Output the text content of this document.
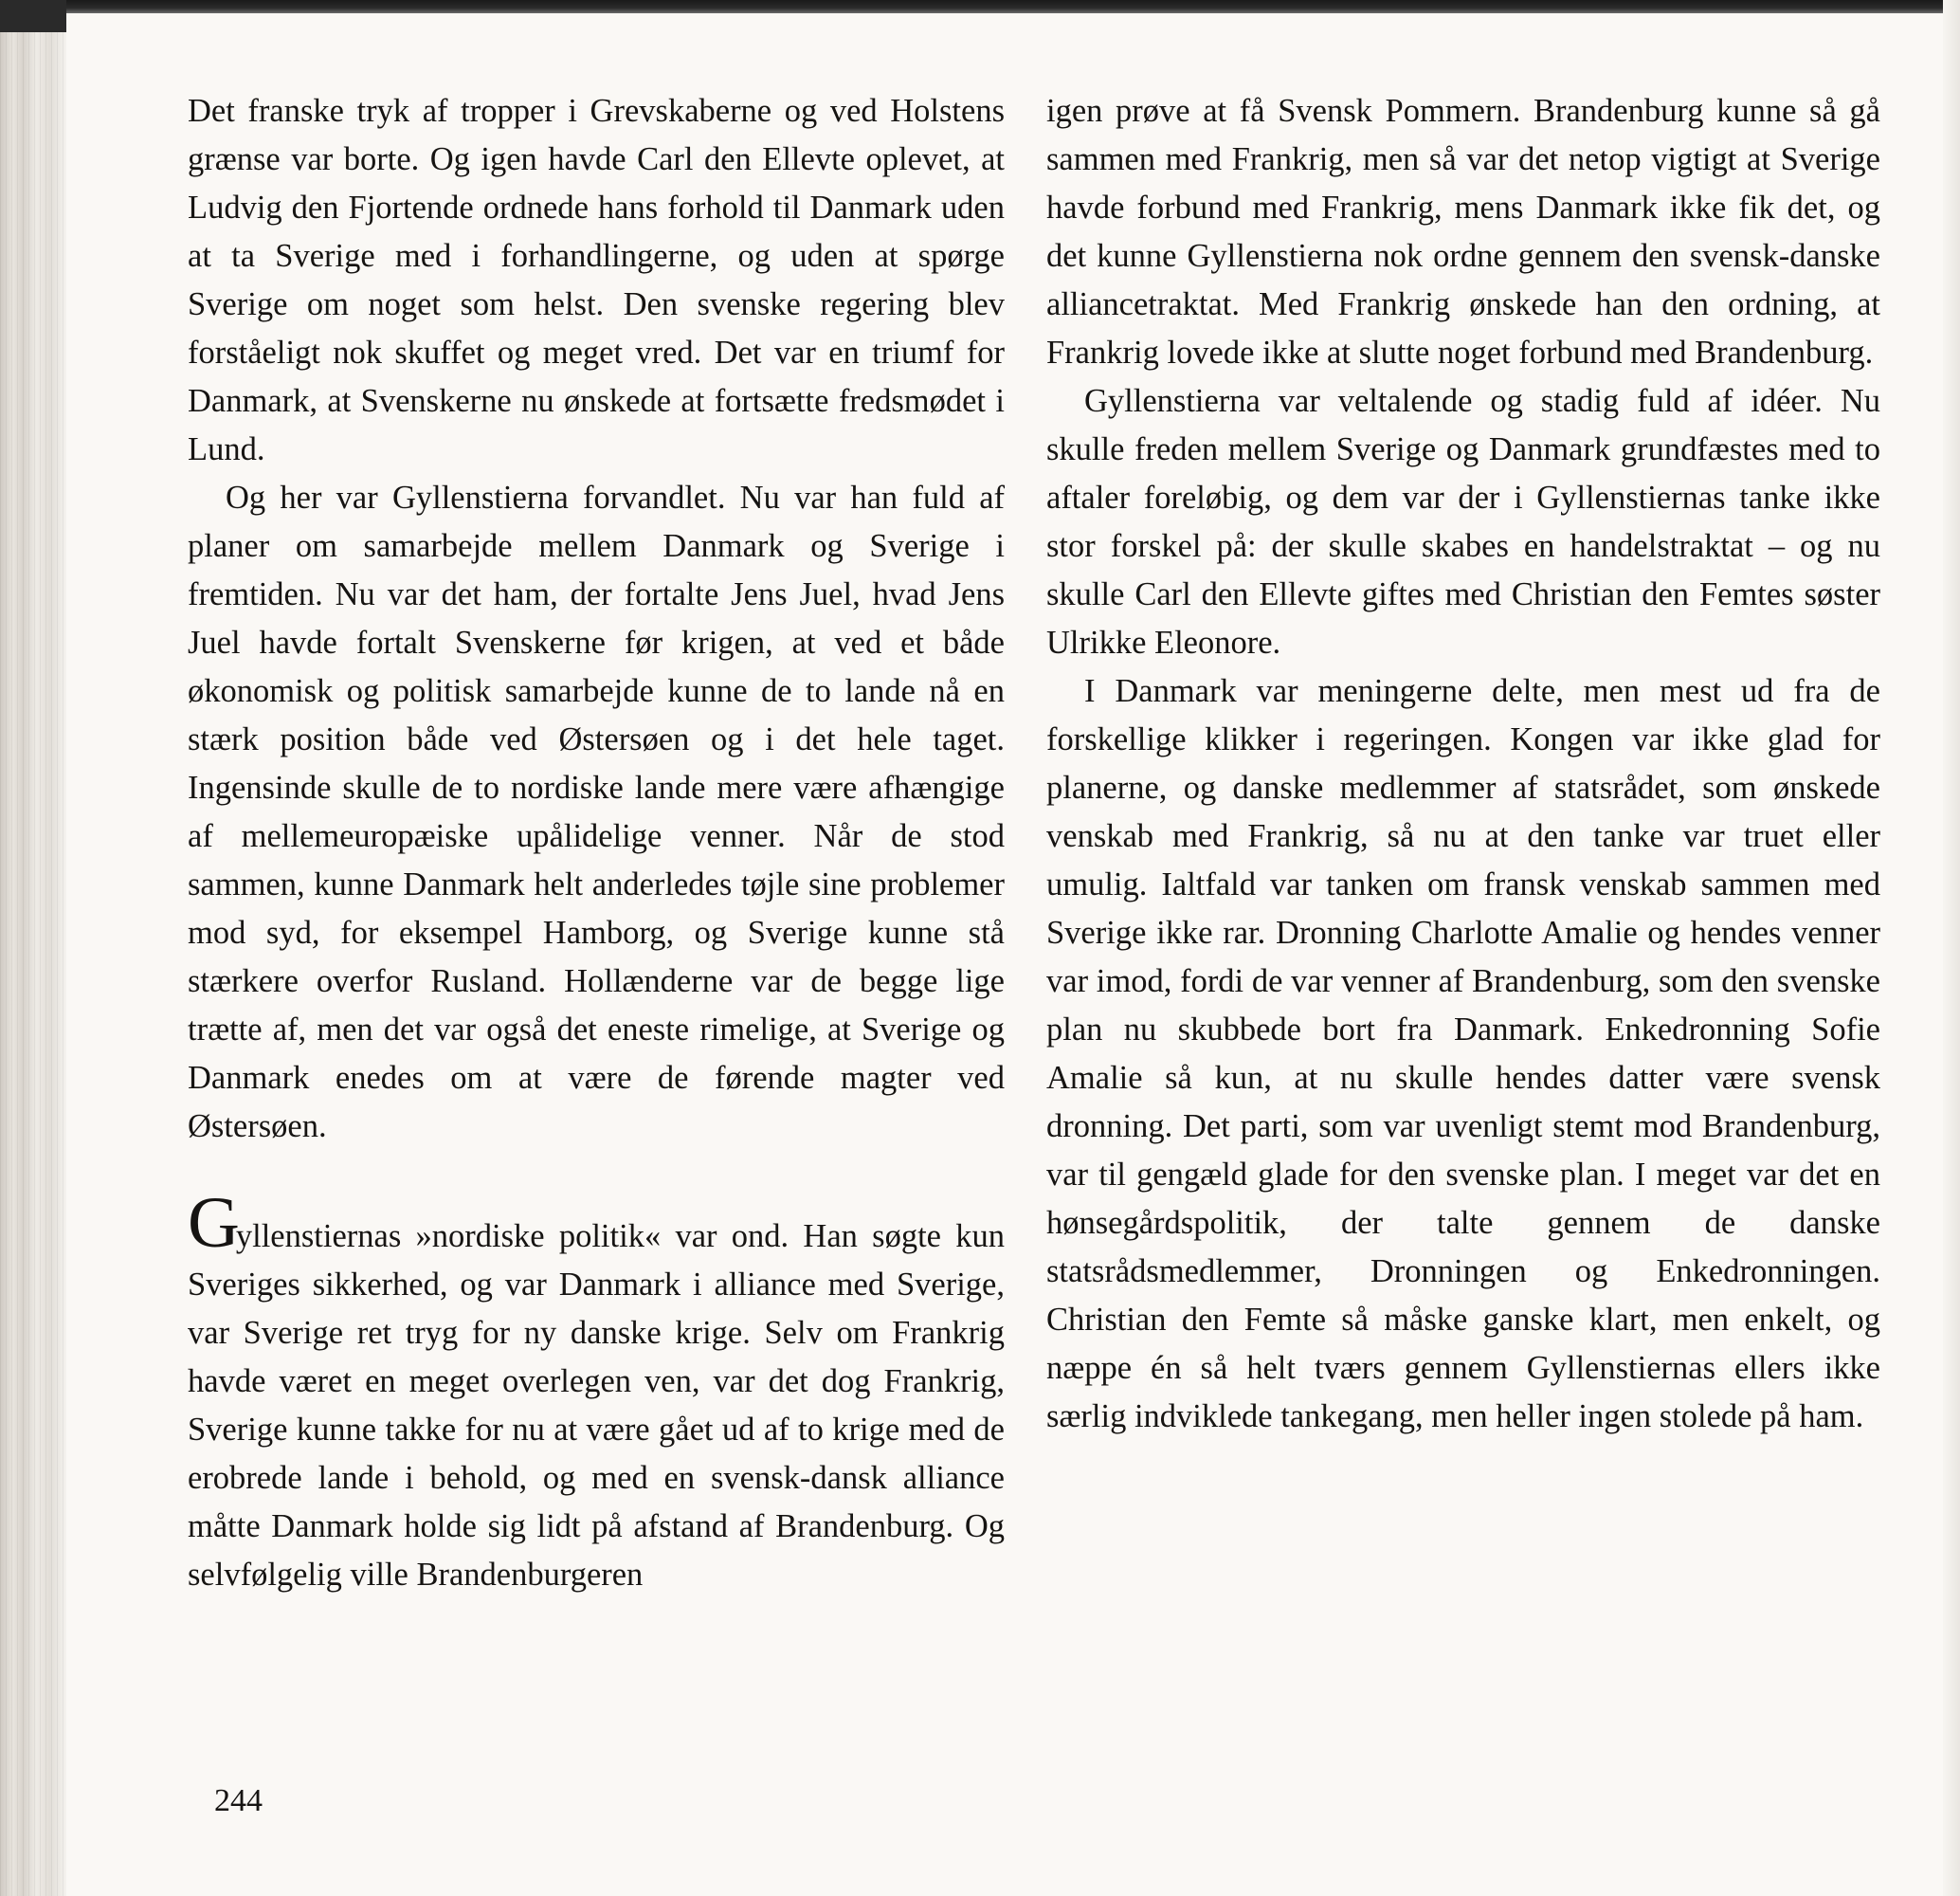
Det franske tryk af tropper i Grevskaberne og ved Holstens grænse var borte. Og igen havde Carl den Ellevte oplevet, at Ludvig den Fjortende ordnede hans forhold til Danmark uden at ta Sverige med i forhandlingerne, og uden at spørge Sverige om noget som helst. Den svenske regering blev forståeligt nok skuffet og meget vred. Det var en triumf for Danmark, at Svenskerne nu ønskede at fortsætte fredsmødet i Lund.

Og her var Gyllenstierna forvandlet. Nu var han fuld af planer om samarbejde mellem Danmark og Sverige i fremtiden. Nu var det ham, der fortalte Jens Juel, hvad Jens Juel havde fortalt Svenskerne før krigen, at ved et både økonomisk og politisk samarbejde kunne de to lande nå en stærk position både ved Østersøen og i det hele taget. Ingensinde skulle de to nordiske lande mere være afhængige af mellemeuropæiske upålidelige venner. Når de stod sammen, kunne Danmark helt anderledes tøjle sine problemer mod syd, for eksempel Hamborg, og Sverige kunne stå stærkere overfor Rusland. Hollænderne var de begge lige trætte af, men det var også det eneste rimelige, at Sverige og Danmark enedes om at være de førende magter ved Østersøen.

Gyllenstiernas »nordiske politik« var ond. Han søgte kun Sveriges sikkerhed, og var Danmark i alliance med Sverige, var Sverige ret tryg for ny danske krige. Selv om Frankrig havde været en meget overlegen ven, var det dog Frankrig, Sverige kunne takke for nu at være gået ud af to krige med de erobrede lande i behold, og med en svensk-dansk alliance måtte Danmark holde sig lidt på afstand af Brandenburg. Og selvfølgelig ville Brandenburgeren

igen prøve at få Svensk Pommern. Brandenburg kunne så gå sammen med Frankrig, men så var det netop vigtigt at Sverige havde forbund med Frankrig, mens Danmark ikke fik det, og det kunne Gyllenstierna nok ordne gennem den svensk-danske alliancetraktat. Med Frankrig ønskede han den ordning, at Frankrig lovede ikke at slutte noget forbund med Brandenburg.

Gyllenstierna var veltalende og stadig fuld af idéer. Nu skulle freden mellem Sverige og Danmark grundfæstes med to aftaler foreløbig, og dem var der i Gyllenstiernas tanke ikke stor forskel på: der skulle skabes en handelstraktat – og nu skulle Carl den Ellevte giftes med Christian den Femtes søster Ulrikke Eleonore.

I Danmark var meningerne delte, men mest ud fra de forskellige klikker i regeringen. Kongen var ikke glad for planerne, og danske medlemmer af statsrådet, som ønskede venskab med Frankrig, så nu at den tanke var truet eller umulig. Ialtfald var tanken om fransk venskab sammen med Sverige ikke rar. Dronning Charlotte Amalie og hendes venner var imod, fordi de var venner af Brandenburg, som den svenske plan nu skubbede bort fra Danmark. Enkedronning Sofie Amalie så kun, at nu skulle hendes datter være svensk dronning. Det parti, som var uvenligt stemt mod Brandenburg, var til gengæld glade for den svenske plan. I meget var det en hønsegårdspolitik, der talte gennem de danske statsrådsmedlemmer, Dronningen og Enkedronningen. Christian den Femte så måske ganske klart, men enkelt, og næppe én så helt tværs gennem Gyllenstiernas ellers ikke særlig indviklede tankegang, men heller ingen stolede på ham.

244
